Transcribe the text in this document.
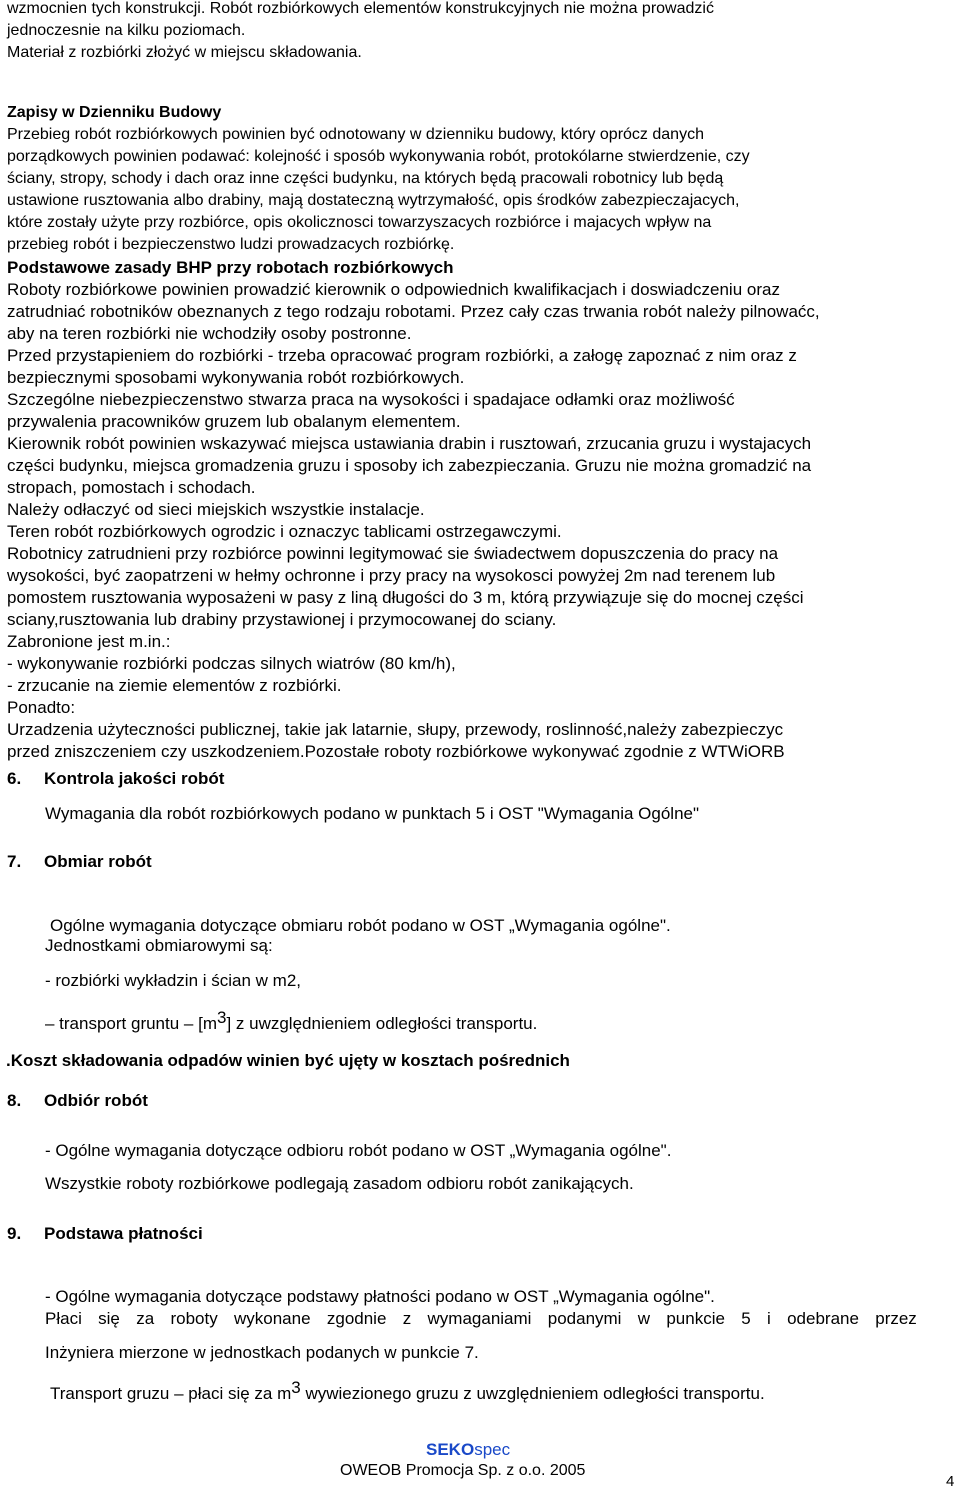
wzmocnien tych konstrukcji. Robót rozbiórkowych elementów konstrukcyjnych nie można prowadzić

jednoczesnie na kilku poziomach.

Materiał z rozbiórki złożyć w miejscu składowania.

Zapisy w Dzienniku Budowy

Przebieg robót rozbiórkowych powinien być odnotowany w dzienniku budowy, który oprócz danych

porządkowych powinien podawać: kolejność i sposób wykonywania robót, protokólarne stwierdzenie, czy

ściany, stropy, schody i dach oraz inne części budynku, na których będą pracowali robotnicy lub będą

ustawione rusztowania albo drabiny, mają dostateczną wytrzymałość, opis środków zabezpieczajacych,

które zostały użyte przy rozbiórce, opis okolicznosci towarzyszacych rozbiórce i majacych wpływ na

przebieg robót i bezpieczenstwo ludzi prowadzacych rozbiórkę.

Podstawowe zasady BHP przy robotach rozbiórkowych

Roboty rozbiórkowe powinien prowadzić kierownik o odpowiednich kwalifikacjach i doswiadczeniu oraz

zatrudniać robotników obeznanych z tego rodzaju robotami. Przez cały czas trwania robót należy pilnowaćc,

aby na teren rozbiórki nie wchodziły osoby postronne.

Przed przystapieniem do rozbiórki - trzeba opracować program rozbiórki, a załogę zapoznać z nim oraz z

bezpiecznymi sposobami wykonywania robót rozbiórkowych.

Szczególne niebezpieczenstwo stwarza praca na wysokości i spadajace odłamki oraz możliwość

przywalenia pracowników gruzem lub obalanym elementem.

Kierownik robót powinien wskazywać miejsca ustawiania drabin i rusztowań, zrzucania gruzu i wystajacych

części budynku, miejsca gromadzenia gruzu i sposoby ich zabezpieczania. Gruzu nie można gromadzić na

stropach, pomostach i schodach.

Należy odłaczyć od sieci miejskich wszystkie instalacje.

Teren robót rozbiórkowych ogrodzic i oznaczyc tablicami ostrzegawczymi.

Robotnicy zatrudnieni przy rozbiórce powinni legitymować sie świadectwem dopuszczenia do pracy na

wysokości, być zaopatrzeni w hełmy ochronne i przy pracy na wysokosci powyżej 2m nad terenem lub

pomostem rusztowania wyposażeni w pasy z liną długości do 3 m, którą przywiązuje się do mocnej części

sciany,rusztowania lub drabiny przystawionej i przymocowanej do sciany.

Zabronione jest m.in.:

- wykonywanie rozbiórki podczas silnych wiatrów (80 km/h),

- zrzucanie na ziemie elementów z rozbiórki.

Ponadto:

Urzadzenia użyteczności publicznej, takie jak latarnie, słupy, przewody, roslinność,należy zabezpieczyc

przed zniszczeniem czy uszkodzeniem.Pozostałe roboty rozbiórkowe wykonywać zgodnie z WTWiORB

6. Kontrola jakości robót

Wymagania dla robót rozbiórkowych podano w punktach 5 i OST "Wymagania Ogólne"

7. Obmiar robót

Ogólne wymagania dotyczące obmiaru robót podano w OST „Wymagania ogólne".

Jednostkami obmiarowymi są:

- rozbiórki wykładzin i ścian w m2,

– transport gruntu – $[m^3]$ z uwzględnieniem odległości transportu.

.Koszt składowania odpadów winien być ujęty w kosztach pośrednich

8. Odbiór robót

- Ogólne wymagania dotyczące odbioru robót podano w OST „Wymagania ogólne".

Wszystkie roboty rozbiórkowe podlegają zasadom odbioru robót zanikających.

9. Podstawa płatności

- Ogólne wymagania dotyczące podstawy płatności podano w OST „Wymagania ogólne".

Płaci się za roboty wykonane zgodnie z wymaganiami podanymi w punkcie 5 i odebrane przez

Inżyniera mierzone w jednostkach podanych w punkcie 7.

Transport gruzu – płaci się za $m^3$ wywiezionego gruzu z uwzględnieniem odległości transportu.

SEKOspec
OWEOB Promocja Sp. z o.o. 2005
4
